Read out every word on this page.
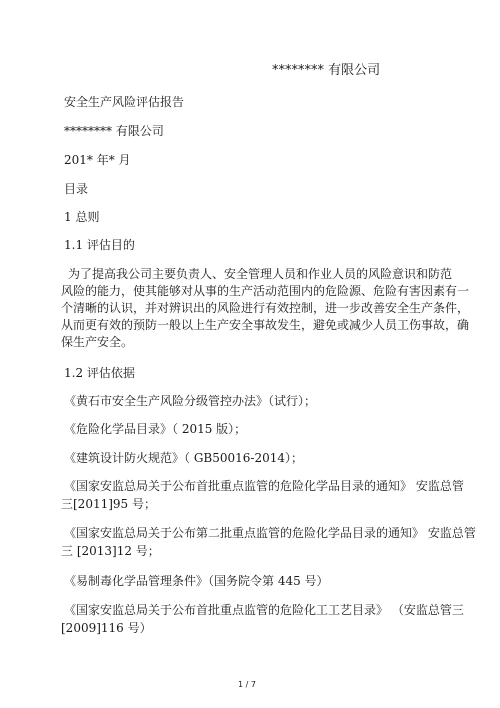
******** 有限公司
安全生产风险评估报告
******** 有限公司
201* 年* 月
目录
1 总则
1.1 评估目的
为了提高我公司主要负责人、安全管理人员和作业人员的风险意识和防范
风险的能力，使其能够对从事的生产活动范围内的危险源、危险有害因素有一
个清晰的认识，并对辨识出的风险进行有效控制，进一步改善安全生产条件，
从而更有效的预防一般以上生产安全事故发生，避免或减少人员工伤事故，确
保生产安全。
1.2 评估依据
《黄石市安全生产风险分级管控办法》（试行）；
《危险化学品目录》（ 2015 版）；
《建筑设计防火规范》（ GB50016-2014）；
《国家安监总局关于公布首批重点监管的危险化学品目录的通知》 安监总管
三[2011]95 号；
《国家安监总局关于公布第二批重点监管的危险化学品目录的通知》 安监总管
三 [2013]12 号；
《易制毒化学品管理条件》（国务院令第 445 号）
《国家安监总局关于公布首批重点监管的危险化工工艺目录》 （安监总管三
[2009]116 号）
1 / 7
